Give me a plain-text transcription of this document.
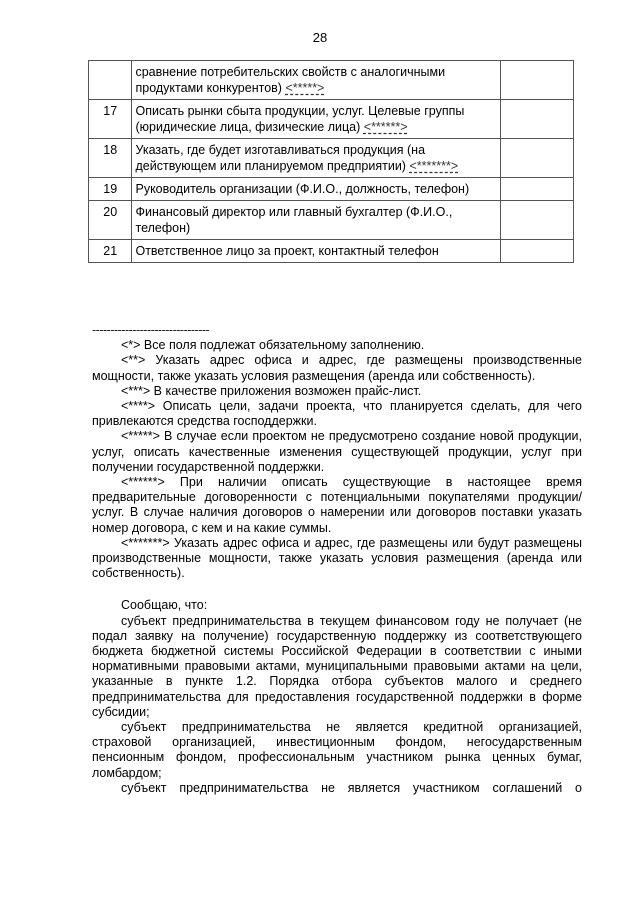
28
	сравнение потребительских свойств с аналогичными продуктами конкурентов) <*****>	
17	Описать рынки сбыта продукции, услуг. Целевые группы (юридические лица, физические лица) <******>	
18	Указать, где будет изготавливаться продукция (на действующем или планируемом предприятии) <*******>	
19	Руководитель организации (Ф.И.О., должность, телефон)	
20	Финансовый директор или главный бухгалтер (Ф.И.О., телефон)	
21	Ответственное лицо за проект, контактный телефон	
--------------------------------

<*> Все поля подлежат обязательному заполнению.

<**> Указать адрес офиса и адрес, где размещены производственные мощности, также указать условия размещения (аренда или собственность).

<***> В качестве приложения возможен прайс-лист.

<****> Описать цели, задачи проекта, что планируется сделать, для чего привлекаются средства господдержки.

<*****> В случае если проектом не предусмотрено создание новой продукции, услуг, описать качественные изменения существующей продукции, услуг при получении государственной поддержки.

<******> При наличии описать существующие в настоящее время предварительные договоренности с потенциальными покупателями продукции/услуг. В случае наличия договоров о намерении или договоров поставки указать номер договора, с кем и на какие суммы.

<*******> Указать адрес офиса и адрес, где размещены или будут размещены производственные мощности, также указать условия размещения (аренда или собственность).

Сообщаю, что:

субъект предпринимательства в текущем финансовом году не получает (не подал заявку на получение) государственную поддержку из соответствующего бюджета бюджетной системы Российской Федерации в соответствии с иными нормативными правовыми актами, муниципальными правовыми актами на цели, указанные в пункте 1.2. Порядка отбора субъектов малого и среднего предпринимательства для предоставления государственной поддержки в форме субсидии;

субъект предпринимательства не является кредитной организацией, страховой организацией, инвестиционным фондом, негосударственным пенсионным фондом, профессиональным участником рынка ценных бумаг, ломбардом;

субъект предпринимательства не является участником соглашений о
